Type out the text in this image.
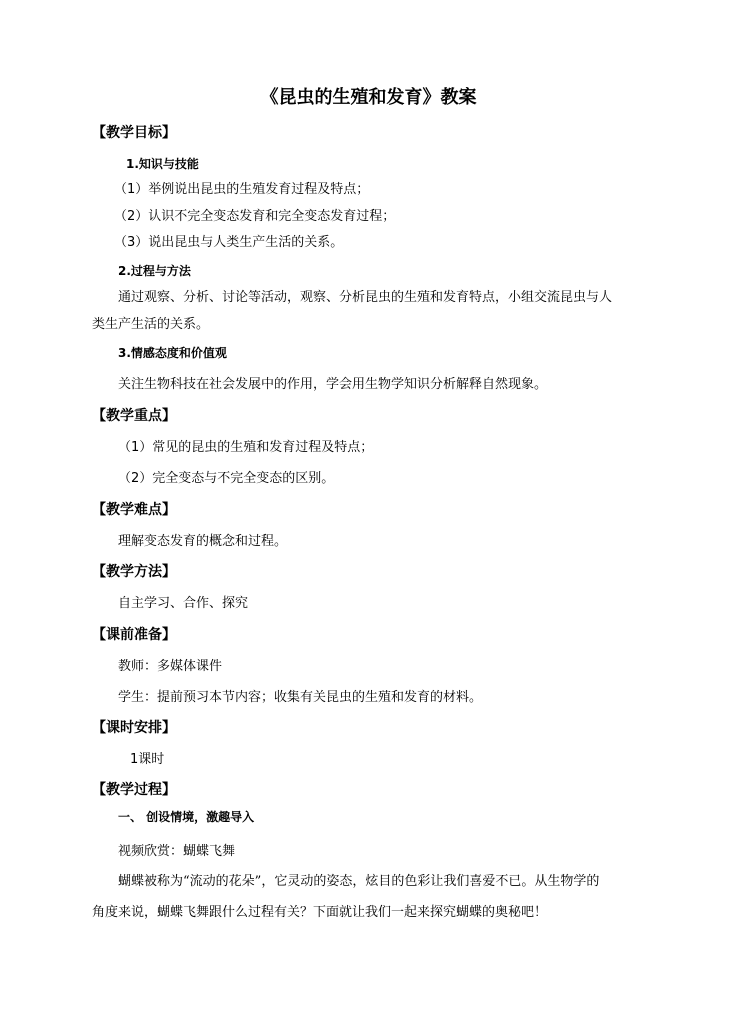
《昆虫的生殖和发育》教案
【教学目标】
1.知识与技能
（1）举例说出昆虫的生殖发育过程及特点；
（2）认识不完全变态发育和完全变态发育过程；
（3）说出昆虫与人类生产生活的关系。
2.过程与方法
通过观察、分析、讨论等活动，观察、分析昆虫的生殖和发育特点，小组交流昆虫与人
类生产生活的关系。
3.情感态度和价值观
关注生物科技在社会发展中的作用，学会用生物学知识分析解释自然现象。
【教学重点】
（1）常见的昆虫的生殖和发育过程及特点；
（2）完全变态与不完全变态的区别。
【教学难点】
理解变态发育的概念和过程。
【教学方法】
自主学习、合作、探究
【课前准备】
教师：多媒体课件
学生：提前预习本节内容；收集有关昆虫的生殖和发育的材料。
【课时安排】
1课时
【教学过程】
一、 创设情境，激趣导入
视频欣赏：蝴蝶飞舞
蝴蝶被称为“流动的花朵”，它灵动的姿态，炫目的色彩让我们喜爱不已。从生物学的
角度来说，蝴蝶飞舞跟什么过程有关？下面就让我们一起来探究蝴蝶的奥秘吧！
